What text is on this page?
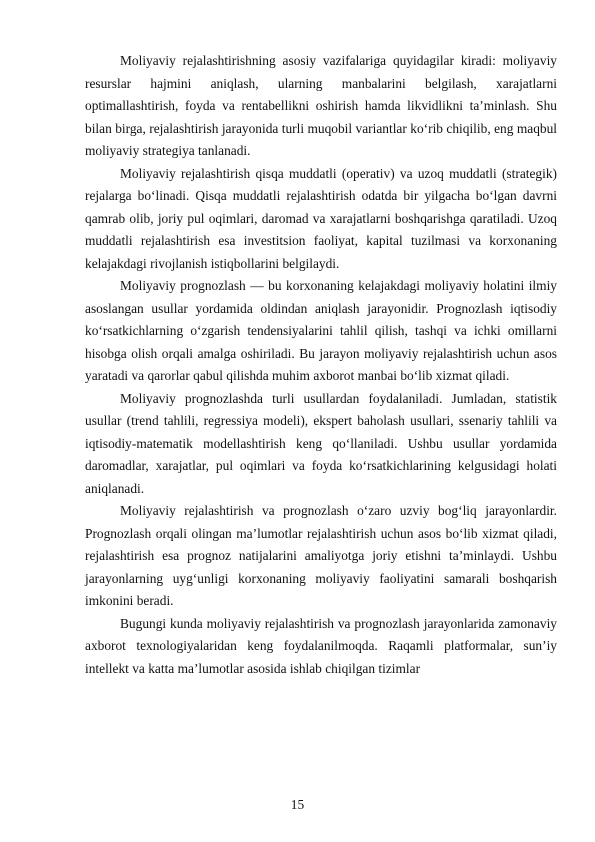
Moliyaviy rejalashtirishning asosiy vazifalariga quyidagilar kiradi: moliyaviy resurslar hajmini aniqlash, ularning manbalarini belgilash, xarajatlarni optimallashtirish, foyda va rentabellikni oshirish hamda likvidlikni ta’minlash. Shu bilan birga, rejalashtirish jarayonida turli muqobil variantlar ko‘rib chiqilib, eng maqbul moliyaviy strategiya tanlanadi.

Moliyaviy rejalashtirish qisqa muddatli (operativ) va uzoq muddatli (strategik) rejalarga bo‘linadi. Qisqa muddatli rejalashtirish odatda bir yilgacha bo‘lgan davrni qamrab olib, joriy pul oqimlari, daromad va xarajatlarni boshqarishga qaratiladi. Uzoq muddatli rejalashtirish esa investitsion faoliyat, kapital tuzilmasi va korxonaning kelajakdagi rivojlanish istiqbollarini belgilaydi.

Moliyaviy prognozlash — bu korxonaning kelajakdagi moliyaviy holatini ilmiy asoslangan usullar yordamida oldindan aniqlash jarayonidir. Prognozlash iqtisodiy ko‘rsatkichlarning o‘zgarish tendensiyalarini tahlil qilish, tashqi va ichki omillarni hisobga olish orqali amalga oshiriladi. Bu jarayon moliyaviy rejalashtirish uchun asos yaratadi va qarorlar qabul qilishda muhim axborot manbai bo‘lib xizmat qiladi.

Moliyaviy prognozlashda turli usullardan foydalaniladi. Jumladan, statistik usullar (trend tahlili, regressiya modeli), ekspert baholash usullari, ssenariy tahlili va iqtisodiy-matematik modellashtirish keng qo‘llaniladi. Ushbu usullar yordamida daromadlar, xarajatlar, pul oqimlari va foyda ko‘rsatkichlarining kelgusidagi holati aniqlanadi.

Moliyaviy rejalashtirish va prognozlash o‘zaro uzviy bog‘liq jarayonlardir. Prognozlash orqali olingan ma’lumotlar rejalashtirish uchun asos bo‘lib xizmat qiladi, rejalashtirish esa prognoz natijalarini amaliyotga joriy etishni ta’minlaydi. Ushbu jarayonlarning uyg‘unligi korxonaning moliyaviy faoliyatini samarali boshqarish imkonini beradi.

Bugungi kunda moliyaviy rejalashtirish va prognozlash jarayonlarida zamonaviy axborot texnologiyalaridan keng foydalanilmoqda. Raqamli platformalar, sun’iy intellekt va katta ma’lumotlar asosida ishlab chiqilgan tizimlar

15
